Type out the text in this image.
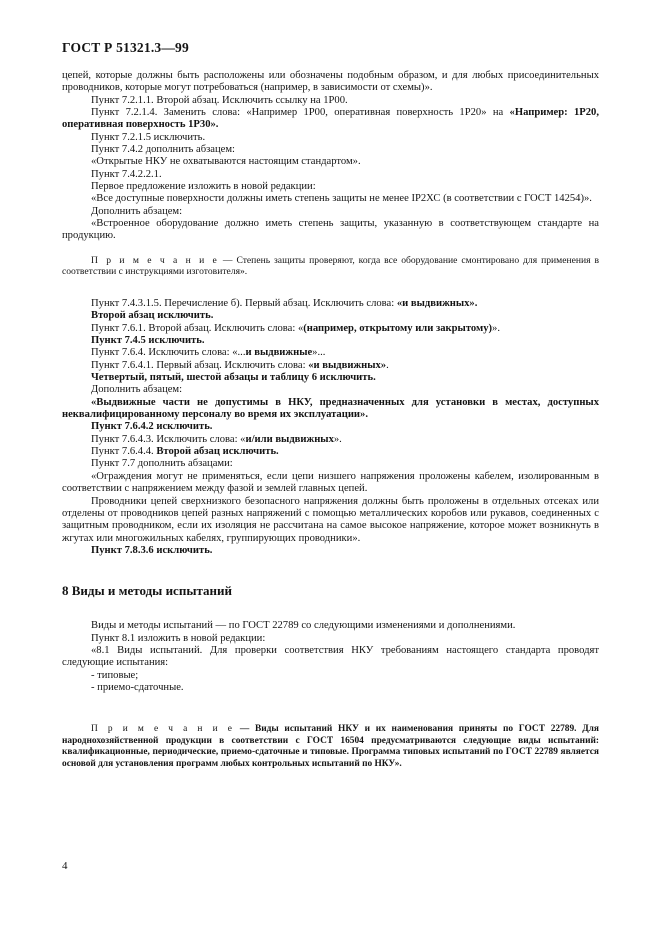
ГОСТ Р 51321.3—99

цепей, которые должны быть расположены или обозначены подобным образом, и для любых присоединительных проводников, которые могут потребоваться (например, в зависимости от схемы)».

Пункт 7.2.1.1. Второй абзац. Исключить ссылку на 1Р00.

Пункт 7.2.1.4. Заменить слова: «Например 1Р00, оперативная поверхность 1Р20» на «Например: 1Р20, оперативная поверхность 1Р30».

Пункт 7.2.1.5 исключить.

Пункт 7.4.2 дополнить абзацем:

«Открытые НКУ не охватываются настоящим стандартом».

Пункт 7.4.2.2.1.

Первое предложение изложить в новой редакции:

«Все доступные поверхности должны иметь степень защиты не менее IP2ХС (в соответствии с ГОСТ 14254)».

Дополнить абзацем:

«Встроенное оборудование должно иметь степень защиты, указанную в соответствующем стандарте на продукцию.

П р и м е ч а н и е — Степень защиты проверяют, когда все оборудование смонтировано для применения в соответствии с инструкциями изготовителя».

Пункт 7.4.3.1.5. Перечисление б). Первый абзац. Исключить слова: «и выдвижных».

Второй абзац исключить.

Пункт 7.6.1. Второй абзац. Исключить слова: «(например, открытому или закрытому)».

Пункт 7.4.5 исключить.

Пункт 7.6.4. Исключить слова: «...и выдвижные»...

Пункт 7.6.4.1. Первый абзац. Исключить слова: «и выдвижных».

Четвертый, пятый, шестой абзацы и таблицу 6 исключить.

Дополнить абзацем:

«Выдвижные части не допустимы в НКУ, предназначенных для установки в местах, доступных неквалифицированному персоналу во время их эксплуатации».

Пункт 7.6.4.2 исключить.

Пункт 7.6.4.3. Исключить слова: «и/или выдвижных».

Пункт 7.6.4.4. Второй абзац исключить.

Пункт 7.7 дополнить абзацами:

«Ограждения могут не применяться, если цепи низшего напряжения проложены кабелем, изолированным в соответствии с напряжением между фазой и землей главных цепей.

Проводники цепей сверхнизкого безопасного напряжения должны быть проложены в отдельных отсеках или отделены от проводников цепей разных напряжений с помощью металлических коробов или рукавов, соединенных с защитным проводником, если их изоляция не рассчитана на самое высокое напряжение, которое может возникнуть в жгутах или многожильных кабелях, группирующих проводники».

Пункт 7.8.3.6 исключить.

8 Виды и методы испытаний

Виды и методы испытаний — по ГОСТ 22789 со следующими изменениями и дополнениями.

Пункт 8.1 изложить в новой редакции:

«8.1 Виды испытаний. Для проверки соответствия НКУ требованиям настоящего стандарта проводят следующие испытания:

- типовые;

- приемо-сдаточные.

П р и м е ч а н и е — Виды испытаний НКУ и их наименования приняты по ГОСТ 22789. Для народнохозяйственной продукции в соответствии с ГОСТ 16504 предусматриваются следующие виды испытаний: квалификационные, периодические, приемо-сдаточные и типовые. Программа типовых испытаний по ГОСТ 22789 является основой для установления программ любых контрольных испытаний по НКУ».

4
